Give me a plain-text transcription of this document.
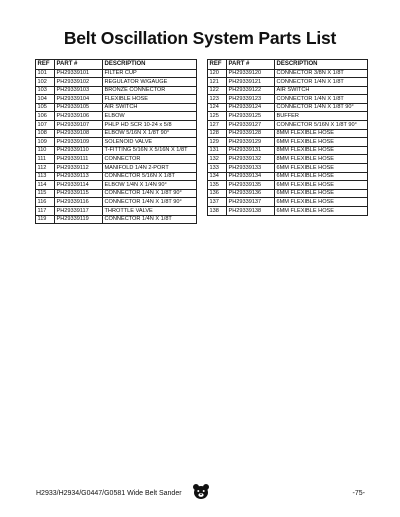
Belt Oscillation System Parts List
REF	PART #	DESCRIPTION
101	PH29339101	FILTER CUP
102	PH29339102	REGULATOR W/GAUGE
103	PH29339103	BRONZE CONNECTOR
104	PH29339104	FLEXIBLE HOSE
105	PH29339105	AIR SWITCH
106	PH29339106	ELBOW
107	PH29339107	PHLP HD SCR 10-24 x 5/8
108	PH29339108	ELBOW 5/16N X 1/8T 90°
109	PH29339109	SOLENOID VALVE
110	PH29339110	T-FITTING 5/16N X 5/16N X 1/8T
111	PH29339111	CONNECTOR
112	PH29339112	MANIFOLD 1/4N 2-PORT
113	PH29339113	CONNECTOR 5/16N X 1/8T
114	PH29339114	ELBOW 1/4N X 1/4N 90°
115	PH29339115	CONNECTOR 1/4N X 1/8T 90°
116	PH29339116	CONNECTOR 1/4N X 1/8T 90°
117	PH29339117	THROTTLE VALVE
119	PH29339119	CONNECTOR 1/4N X 1/8T
REF	PART #	DESCRIPTION
120	PH29339120	CONNECTOR 3/8N X 1/8T
121	PH29339121	CONNECTOR 1/4N X 1/8T
122	PH29339122	AIR SWITCH
123	PH29339123	CONNECTOR 1/4N X 1/8T
124	PH29339124	CONNECTOR 1/4N X 1/8T 90°
125	PH29339125	BUFFER
127	PH29339127	CONNECTOR 5/16N X 1/8T 90°
128	PH29339128	8MM FLEXIBLE HOSE
129	PH29339129	6MM FLEXIBLE HOSE
131	PH29339131	8MM FLEXIBLE HOSE
132	PH29339132	8MM FLEXIBLE HOSE
133	PH29339133	6MM FLEXIBLE HOSE
134	PH29339134	6MM FLEXIBLE HOSE
135	PH29339135	6MM FLEXIBLE HOSE
136	PH29339136	6MM FLEXIBLE HOSE
137	PH29339137	6MM FLEXIBLE HOSE
138	PH29339138	6MM FLEXIBLE HOSE
H2933/H2934/G0447/G0581 Wide Belt Sander	-75-
